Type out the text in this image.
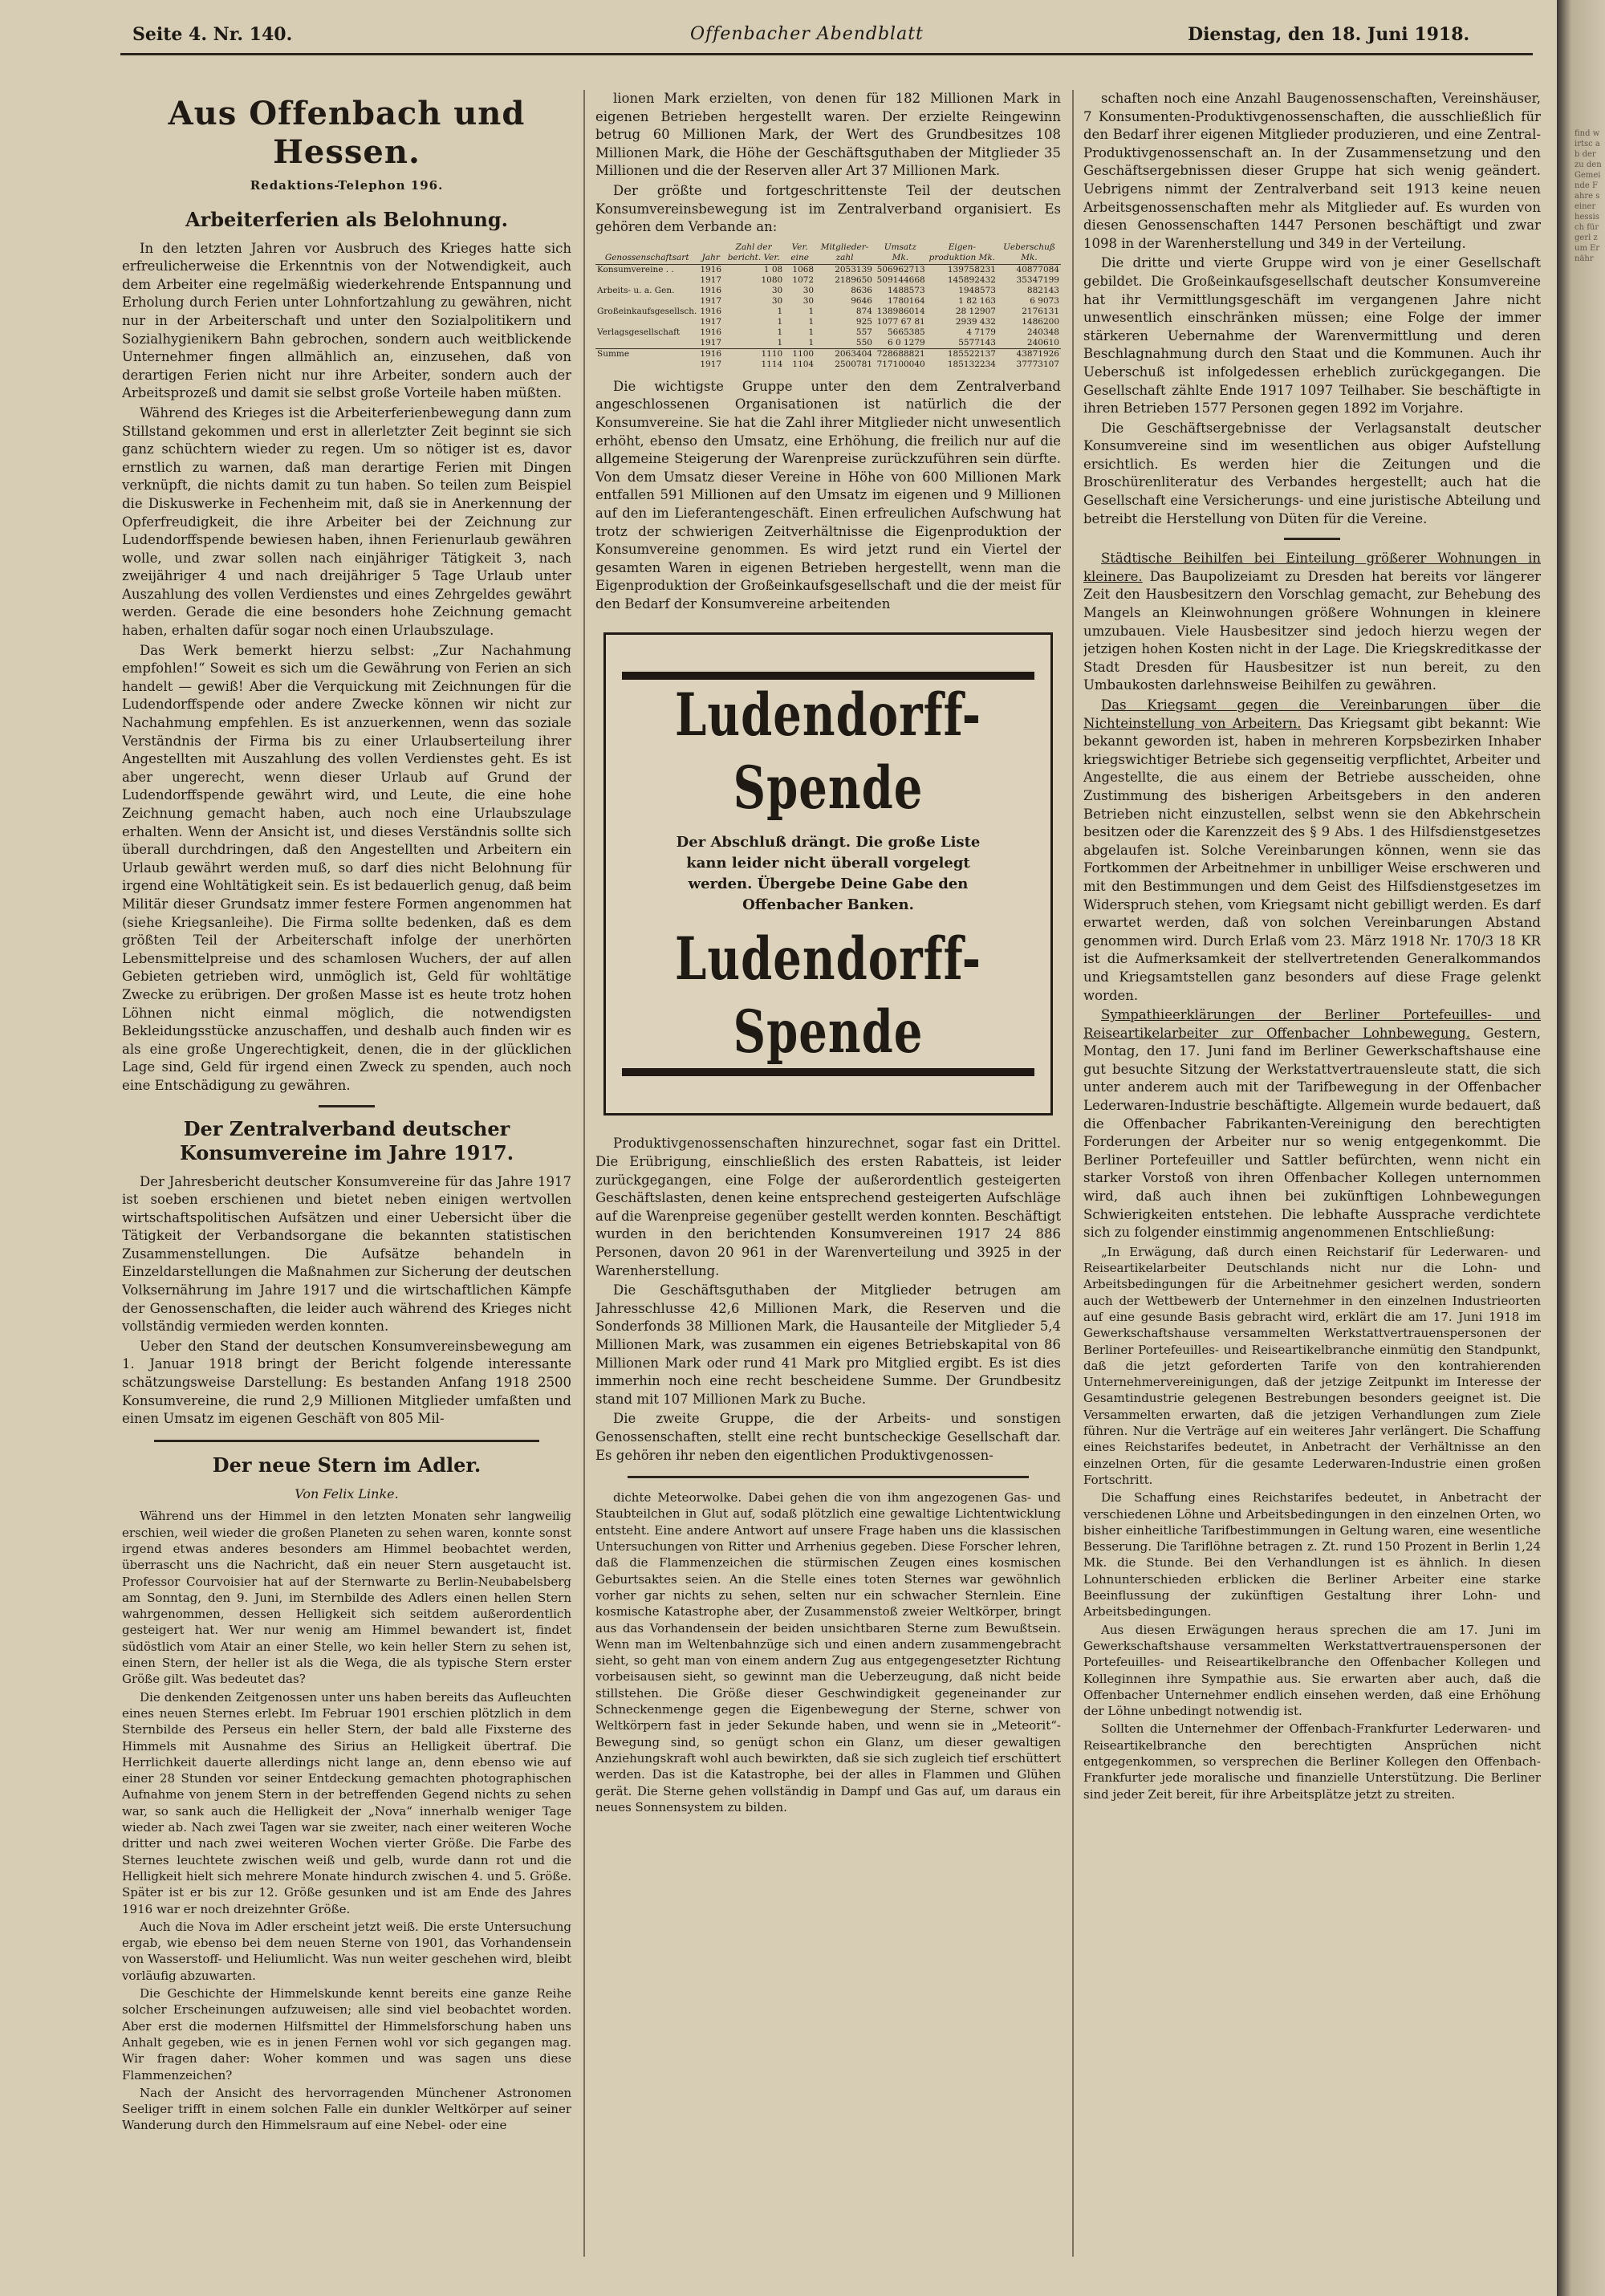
Seite 4. Nr. 140.	Offenbacher Abendblatt	Dienstag, den 18. Juni 1918.
Aus Offenbach und Hessen.
Redaktions-Telephon 196.
Arbeiterferien als Belohnung.

In den letzten Jahren vor Ausbruch des Krieges hatte sich erfreulicherweise die Erkenntnis von der Notwendigkeit, auch dem Arbeiter eine regelmäßig wiederkehrende Entspannung und Erholung durch Ferien unter Lohnfortzahlung zu gewähren, nicht nur in der Arbeiterschaft und unter den Sozialpolitikern und Sozialhygienikern Bahn gebrochen, sondern auch weitblickende Unternehmer fingen allmählich an, einzusehen, daß von derartigen Ferien nicht nur ihre Arbeiter, sondern auch der Arbeitsprozeß und damit sie selbst große Vorteile haben müßten.

Während des Krieges ist die Arbeiterferienbewegung dann zum Stillstand gekommen und erst in allerletzter Zeit beginnt sie sich ganz schüchtern wieder zu regen. Um so nötiger ist es, davor ernstlich zu warnen, daß man derartige Ferien mit Dingen verknüpft, die nichts damit zu tun haben. So teilen zum Beispiel die Diskuswerke in Fechenheim mit, daß sie in Anerkennung der Opferfreudigkeit, die ihre Arbeiter bei der Zeichnung zur Ludendorffspende bewiesen haben, ihnen Ferienurlaub gewähren wolle, und zwar sollen nach einjähriger Tätigkeit 3, nach zweijähriger 4 und nach dreijähriger 5 Tage Urlaub unter Auszahlung des vollen Verdienstes und eines Zehrgeldes gewährt werden. Gerade die eine besonders hohe Zeichnung gemacht haben, erhalten dafür sogar noch einen Urlaubszulage.

Das Werk bemerkt hierzu selbst: „Zur Nachahmung empfohlen!“ Soweit es sich um die Gewährung von Ferien an sich handelt — gewiß! Aber die Verquickung mit Zeichnungen für die Ludendorffspende oder andere Zwecke können wir nicht zur Nachahmung empfehlen. Es ist anzuerkennen, wenn das soziale Verständnis der Firma bis zu einer Urlaubserteilung ihrer Angestellten mit Auszahlung des vollen Verdienstes geht. Es ist aber ungerecht, wenn dieser Urlaub auf Grund der Ludendorffspende gewährt wird, und Leute, die eine hohe Zeichnung gemacht haben, auch noch eine Urlaubszulage erhalten. Wenn der Ansicht ist, und dieses Verständnis sollte sich überall durchdringen, daß den Angestellten und Arbeitern ein Urlaub gewährt werden muß, so darf dies nicht Belohnung für irgend eine Wohltätigkeit sein. Es ist bedauerlich genug, daß beim Militär dieser Grundsatz immer festere Formen angenommen hat (siehe Kriegsanleihe). Die Firma sollte bedenken, daß es dem größten Teil der Arbeiterschaft infolge der unerhörten Lebensmittelpreise und des schamlosen Wuchers, der auf allen Gebieten getrieben wird, unmöglich ist, Geld für wohltätige Zwecke zu erübrigen. Der großen Masse ist es heute trotz hohen Löhnen nicht einmal möglich, die notwendigsten Bekleidungsstücke anzuschaffen, und deshalb auch finden wir es als eine große Ungerechtigkeit, denen, die in der glücklichen Lage sind, Geld für irgend einen Zweck zu spenden, auch noch eine Entschädigung zu gewähren.

Der Zentralverband deutscher Konsumvereine im Jahre 1917.

Der Jahresbericht deutscher Konsumvereine für das Jahre 1917 ist soeben erschienen und bietet neben einigen wertvollen wirtschaftspolitischen Aufsätzen und einer Uebersicht über die Tätigkeit der Verbandsorgane die bekannten statistischen Zusammenstellungen. Die Aufsätze behandeln in Einzeldarstellungen die Maßnahmen zur Sicherung der deutschen Volksernährung im Jahre 1917 und die wirtschaftlichen Kämpfe der Genossenschaften, die leider auch während des Krieges nicht vollständig vermieden werden konnten.

Ueber den Stand der deutschen Konsumvereinsbewegung am 1. Januar 1918 bringt der Bericht folgende interessante schätzungsweise Darstellung: Es bestanden Anfang 1918 2500 Konsumvereine, die rund 2,9 Millionen Mitglieder umfaßten und einen Umsatz im eigenen Geschäft von 805 Mil-

Der neue Stern im Adler.
Von Felix Linke.

Während uns der Himmel in den letzten Monaten sehr langweilig erschien, weil wieder die großen Planeten zu sehen waren, konnte sonst irgend etwas anderes besonders am Himmel beobachtet werden, überrascht uns die Nachricht, daß ein neuer Stern ausgetaucht ist. Professor Courvoisier hat auf der Sternwarte zu Berlin-Neubabelsberg am Sonntag, den 9. Juni, im Sternbilde des Adlers einen hellen Stern wahrgenommen, dessen Helligkeit sich seitdem außerordentlich gesteigert hat. Wer nur wenig am Himmel bewandert ist, findet südöstlich vom Atair an einer Stelle, wo kein heller Stern zu sehen ist, einen Stern, der heller ist als die Wega, die als typische Stern erster Größe gilt. Was bedeutet das?

Die denkenden Zeitgenossen unter uns haben bereits das Aufleuchten eines neuen Sternes erlebt. Im Februar 1901 erschien plötzlich in dem Sternbilde des Perseus ein heller Stern, der bald alle Fixsterne des Himmels mit Ausnahme des Sirius an Helligkeit übertraf. Die Herrlichkeit dauerte allerdings nicht lange an, denn ebenso wie auf einer 28 Stunden vor seiner Entdeckung gemachten photographischen Aufnahme von jenem Stern in der betreffenden Gegend nichts zu sehen war, so sank auch die Helligkeit der „Nova“ innerhalb weniger Tage wieder ab. Nach zwei Tagen war sie zweiter, nach einer weiteren Woche dritter und nach zwei weiteren Wochen vierter Größe. Die Farbe des Sternes leuchtete zwischen weiß und gelb, wurde dann rot und die Helligkeit hielt sich mehrere Monate hindurch zwischen 4. und 5. Größe. Später ist er bis zur 12. Größe gesunken und ist am Ende des Jahres 1916 war er noch dreizehnter Größe.

Auch die Nova im Adler erscheint jetzt weiß. Die erste Untersuchung ergab, wie ebenso bei dem neuen Sterne von 1901, das Vorhandensein von Wasserstoff- und Heliumlicht. Was nun weiter geschehen wird, bleibt vorläufig abzuwarten.

Die Geschichte der Himmelskunde kennt bereits eine ganze Reihe solcher Erscheinungen aufzuweisen; alle sind viel beobachtet worden. Aber erst die modernen Hilfsmittel der Himmelsforschung haben uns Anhalt gegeben, wie es in jenen Fernen wohl vor sich gegangen mag. Wir fragen daher: Woher kommen und was sagen uns diese Flammenzeichen?

Nach der Ansicht des hervorragenden Münchener Astronomen Seeliger trifft in einem solchen Falle ein dunkler Weltkörper auf seiner Wanderung durch den Himmelsraum auf eine Nebel- oder eine

lionen Mark erzielten, von denen für 182 Millionen Mark in eigenen Betrieben hergestellt waren. Der erzielte Reingewinn betrug 60 Millionen Mark, der Wert des Grundbesitzes 108 Millionen Mark, die Höhe der Geschäftsguthaben der Mitglieder 35 Millionen und die der Reserven aller Art 37 Millionen Mark.

Der größte und fortgeschrittenste Teil der deutschen Konsumvereinsbewegung ist im Zentralverband organisiert. Es gehören dem Verbande an:

Genossenschaftsart	Jahr	Zahl der bericht. Ver.	Ver. eine	Mitglieder-zahl	Umsatz Mk.	Eigen-produktion Mk.	Ueberschuß Mk.
Konsumvereine . .	1916	1 08	1068	2053139	506962713	139758231	40877084
	1917	1080	1072	2189650	509144668	145892432	35347199
Arbeits- u. a. Gen.	1916	30	30	8636	1488573	1948573	882143
	1917	30	30	9646	1780164	1 82 163	6 9073
Großeinkaufsgesellsch.	1916	1	1	874	138986014	28 12907	2176131
	1917	1	1	925	1077 67 81	2939 432	1486200
Verlagsgesellschaft	1916	1	1	557	5665385	4 7179	240348
	1917	1	1	550	6 0 1279	5577143	240610
Summe	1916	1110	1100	2063404	728688821	185522137	43871926
	1917	1114	1104	2500781	717100040	185132234	37773107

Die wichtigste Gruppe unter den dem Zentralverband angeschlossenen Organisationen ist natürlich die der Konsumvereine. Sie hat die Zahl ihrer Mitglieder nicht unwesentlich erhöht, ebenso den Umsatz, eine Erhöhung, die freilich nur auf die allgemeine Steigerung der Warenpreise zurückzuführen sein dürfte. Von dem Umsatz dieser Vereine in Höhe von 600 Millionen Mark entfallen 591 Millionen auf den Umsatz im eigenen und 9 Millionen auf den im Lieferantengeschäft. Einen erfreulichen Aufschwung hat trotz der schwierigen Zeitverhältnisse die Eigenproduktion der Konsumvereine genommen. Es wird jetzt rund ein Viertel der gesamten Waren in eigenen Betrieben hergestellt, wenn man die Eigenproduktion der Großeinkaufsgesellschaft und die der meist für den Bedarf der Konsumvereine arbeitenden

Ludendorff-Spende
Der Abschluß drängt. Die große Liste kann leider nicht überall vorgelegt werden. Übergebe Deine Gabe den Offenbacher Banken.
Ludendorff-Spende

Produktivgenossenschaften hinzurechnet, sogar fast ein Drittel. Die Erübrigung, einschließlich des ersten Rabatteis, ist leider zurückgegangen, eine Folge der außerordentlich gesteigerten Geschäftslasten, denen keine entsprechend gesteigerten Aufschläge auf die Warenpreise gegenüber gestellt werden konnten. Beschäftigt wurden in den berichtenden Konsumvereinen 1917 24 886 Personen, davon 20 961 in der Warenverteilung und 3925 in der Warenherstellung.

Die Geschäftsguthaben der Mitglieder betrugen am Jahresschlusse 42,6 Millionen Mark, die Reserven und die Sonderfonds 38 Millionen Mark, die Hausanteile der Mitglieder 5,4 Millionen Mark, was zusammen ein eigenes Betriebskapital von 86 Millionen Mark oder rund 41 Mark pro Mitglied ergibt. Es ist dies immerhin noch eine recht bescheidene Summe. Der Grundbesitz stand mit 107 Millionen Mark zu Buche.

Die zweite Gruppe, die der Arbeits- und sonstigen Genossenschaften, stellt eine recht buntscheckige Gesellschaft dar. Es gehören ihr neben den eigentlichen Produktivgenossen-

dichte Meteorwolke. Dabei gehen die von ihm angezogenen Gas- und Staubteilchen in Glut auf, sodaß plötzlich eine gewaltige Lichtentwicklung entsteht. Eine andere Antwort auf unsere Frage haben uns die klassischen Untersuchungen von Ritter und Arrhenius gegeben. Diese Forscher lehren, daß die Flammenzeichen die stürmischen Zeugen eines kosmischen Geburtsaktes seien. An die Stelle eines toten Sternes war gewöhnlich vorher gar nichts zu sehen, selten nur ein schwacher Sternlein. Eine kosmische Katastrophe aber, der Zusammenstoß zweier Weltkörper, bringt aus das Vorhandensein der beiden unsichtbaren Sterne zum Bewußtsein. Wenn man im Weltenbahnzüge sich und einen andern zusammengebracht sieht, so geht man von einem andern Zug aus entgegengesetzter Richtung vorbeisausen sieht, so gewinnt man die Ueberzeugung, daß nicht beide stillstehen. Die Größe dieser Geschwindigkeit gegeneinander zur Schneckenmenge gegen die Eigenbewegung der Sterne, schwer von Weltkörpern fast in jeder Sekunde haben, und wenn sie in „Meteorit“-Bewegung sind, so genügt schon ein Glanz, um dieser gewaltigen Anziehungskraft wohl auch bewirkten, daß sie sich zugleich tief erschüttert werden. Das ist die Katastrophe, bei der alles in Flammen und Glühen gerät. Die Sterne gehen vollständig in Dampf und Gas auf, um daraus ein neues Sonnensystem zu bilden.

schaften noch eine Anzahl Baugenossenschaften, Vereinshäuser, 7 Konsumenten-Produktivgenossenschaften, die ausschließlich für den Bedarf ihrer eigenen Mitglieder produzieren, und eine Zentral-Produktivgenossenschaft an. In der Zusammensetzung und den Geschäftsergebnissen dieser Gruppe hat sich wenig geändert. Uebrigens nimmt der Zentralverband seit 1913 keine neuen Arbeitsgenossenschaften mehr als Mitglieder auf. Es wurden von diesen Genossenschaften 1447 Personen beschäftigt und zwar 1098 in der Warenherstellung und 349 in der Verteilung.

Die dritte und vierte Gruppe wird von je einer Gesellschaft gebildet. Die Großeinkaufsgesellschaft deutscher Konsumvereine hat ihr Vermittlungsgeschäft im vergangenen Jahre nicht unwesentlich einschränken müssen; eine Folge der immer stärkeren Uebernahme der Warenvermittlung und deren Beschlagnahmung durch den Staat und die Kommunen. Auch ihr Ueberschuß ist infolgedessen erheblich zurückgegangen. Die Gesellschaft zählte Ende 1917 1097 Teilhaber. Sie beschäftigte in ihren Betrieben 1577 Personen gegen 1892 im Vorjahre.

Die Geschäftsergebnisse der Verlagsanstalt deutscher Konsumvereine sind im wesentlichen aus obiger Aufstellung ersichtlich. Es werden hier die Zeitungen und die Broschürenliteratur des Verbandes hergestellt; auch hat die Gesellschaft eine Versicherungs- und eine juristische Abteilung und betreibt die Herstellung von Düten für die Vereine.

Städtische Beihilfen bei Einteilung größerer Wohnungen in kleinere. Das Baupolizeiamt zu Dresden hat bereits vor längerer Zeit den Hausbesitzern den Vorschlag gemacht, zur Behebung des Mangels an Kleinwohnungen größere Wohnungen in kleinere umzubauen. Viele Hausbesitzer sind jedoch hierzu wegen der jetzigen hohen Kosten nicht in der Lage. Die Kriegskreditkasse der Stadt Dresden für Hausbesitzer ist nun bereit, zu den Umbaukosten darlehnsweise Beihilfen zu gewähren.

Das Kriegsamt gegen die Vereinbarungen über die Nichteinstellung von Arbeitern. Das Kriegsamt gibt bekannt: Wie bekannt geworden ist, haben in mehreren Korpsbezirken Inhaber kriegswichtiger Betriebe sich gegenseitig verpflichtet, Arbeiter und Angestellte, die aus einem der Betriebe ausscheiden, ohne Zustimmung des bisherigen Arbeitsgebers in den anderen Betrieben nicht einzustellen, selbst wenn sie den Abkehrschein besitzen oder die Karenzzeit des § 9 Abs. 1 des Hilfsdienstgesetzes abgelaufen ist. Solche Vereinbarungen können, wenn sie das Fortkommen der Arbeitnehmer in unbilliger Weise erschweren und mit den Bestimmungen und dem Geist des Hilfsdienstgesetzes im Widerspruch stehen, vom Kriegsamt nicht gebilligt werden. Es darf erwartet werden, daß von solchen Vereinbarungen Abstand genommen wird. Durch Erlaß vom 23. März 1918 Nr. 170/3 18 KR ist die Aufmerksamkeit der stellvertretenden Generalkommandos und Kriegsamtstellen ganz besonders auf diese Frage gelenkt worden.

Sympathieerklärungen der Berliner Portefeuilles- und Reiseartikelarbeiter zur Offenbacher Lohnbewegung. Gestern, Montag, den 17. Juni fand im Berliner Gewerkschaftshause eine gut besuchte Sitzung der Werkstattvertrauensleute statt, die sich unter anderem auch mit der Tarifbewegung in der Offenbacher Lederwaren-Industrie beschäftigte. Allgemein wurde bedauert, daß die Offenbacher Fabrikanten-Vereinigung den berechtigten Forderungen der Arbeiter nur so wenig entgegenkommt. Die Berliner Portefeuiller und Sattler befürchten, wenn nicht ein starker Vorstoß von ihren Offenbacher Kollegen unternommen wird, daß auch ihnen bei zukünftigen Lohnbewegungen Schwierigkeiten entstehen. Die lebhafte Aussprache verdichtete sich zu folgender einstimmig angenommenen Entschließung:

„In Erwägung, daß durch einen Reichstarif für Lederwaren- und Reiseartikelarbeiter Deutschlands nicht nur die Lohn- und Arbeitsbedingungen für die Arbeitnehmer gesichert werden, sondern auch der Wettbewerb der Unternehmer in den einzelnen Industrieorten auf eine gesunde Basis gebracht wird, erklärt die am 17. Juni 1918 im Gewerkschaftshause versammelten Werkstattvertrauenspersonen der Berliner Portefeuilles- und Reiseartikelbranche einmütig den Standpunkt, daß die jetzt geforderten Tarife von den kontrahierenden Unternehmervereinigungen, daß der jetzige Zeitpunkt im Interesse der Gesamtindustrie gelegenen Bestrebungen besonders geeignet ist. Die Versammelten erwarten, daß die jetzigen Verhandlungen zum Ziele führen. Nur die Verträge auf ein weiteres Jahr verlängert. Die Schaffung eines Reichstarifes bedeutet, in Anbetracht der Verhältnisse an den einzelnen Orten, für die gesamte Lederwaren-Industrie einen großen Fortschritt.

Die Schaffung eines Reichstarifes bedeutet, in Anbetracht der verschiedenen Löhne und Arbeitsbedingungen in den einzelnen Orten, wo bisher einheitliche Tarifbestimmungen in Geltung waren, eine wesentliche Besserung. Die Tariflöhne betragen z. Zt. rund 150 Prozent in Berlin 1,24 Mk. die Stunde. Bei den Verhandlungen ist es ähnlich. In diesen Lohnunterschieden erblicken die Berliner Arbeiter eine starke Beeinflussung der zukünftigen Gestaltung ihrer Lohn- und Arbeitsbedingungen.

Aus diesen Erwägungen heraus sprechen die am 17. Juni im Gewerkschaftshause versammelten Werkstattvertrauenspersonen der Portefeuilles- und Reiseartikelbranche den Offenbacher Kollegen und Kolleginnen ihre Sympathie aus. Sie erwarten aber auch, daß die Offenbacher Unternehmer endlich einsehen werden, daß eine Erhöhung der Löhne unbedingt notwendig ist.

Sollten die Unternehmer der Offenbach-Frankfurter Lederwaren- und Reiseartikelbranche den berechtigten Ansprüchen nicht entgegenkommen, so versprechen die Berliner Kollegen den Offenbach-Frankfurter jede moralische und finanzielle Unterstützung. Die Berliner sind jeder Zeit bereit, für ihre Arbeitsplätze jetzt zu streiten.

find wirtsc ab der zu den Gemeinde Fahre seiner hessisch fürgerl zum Ernähr
